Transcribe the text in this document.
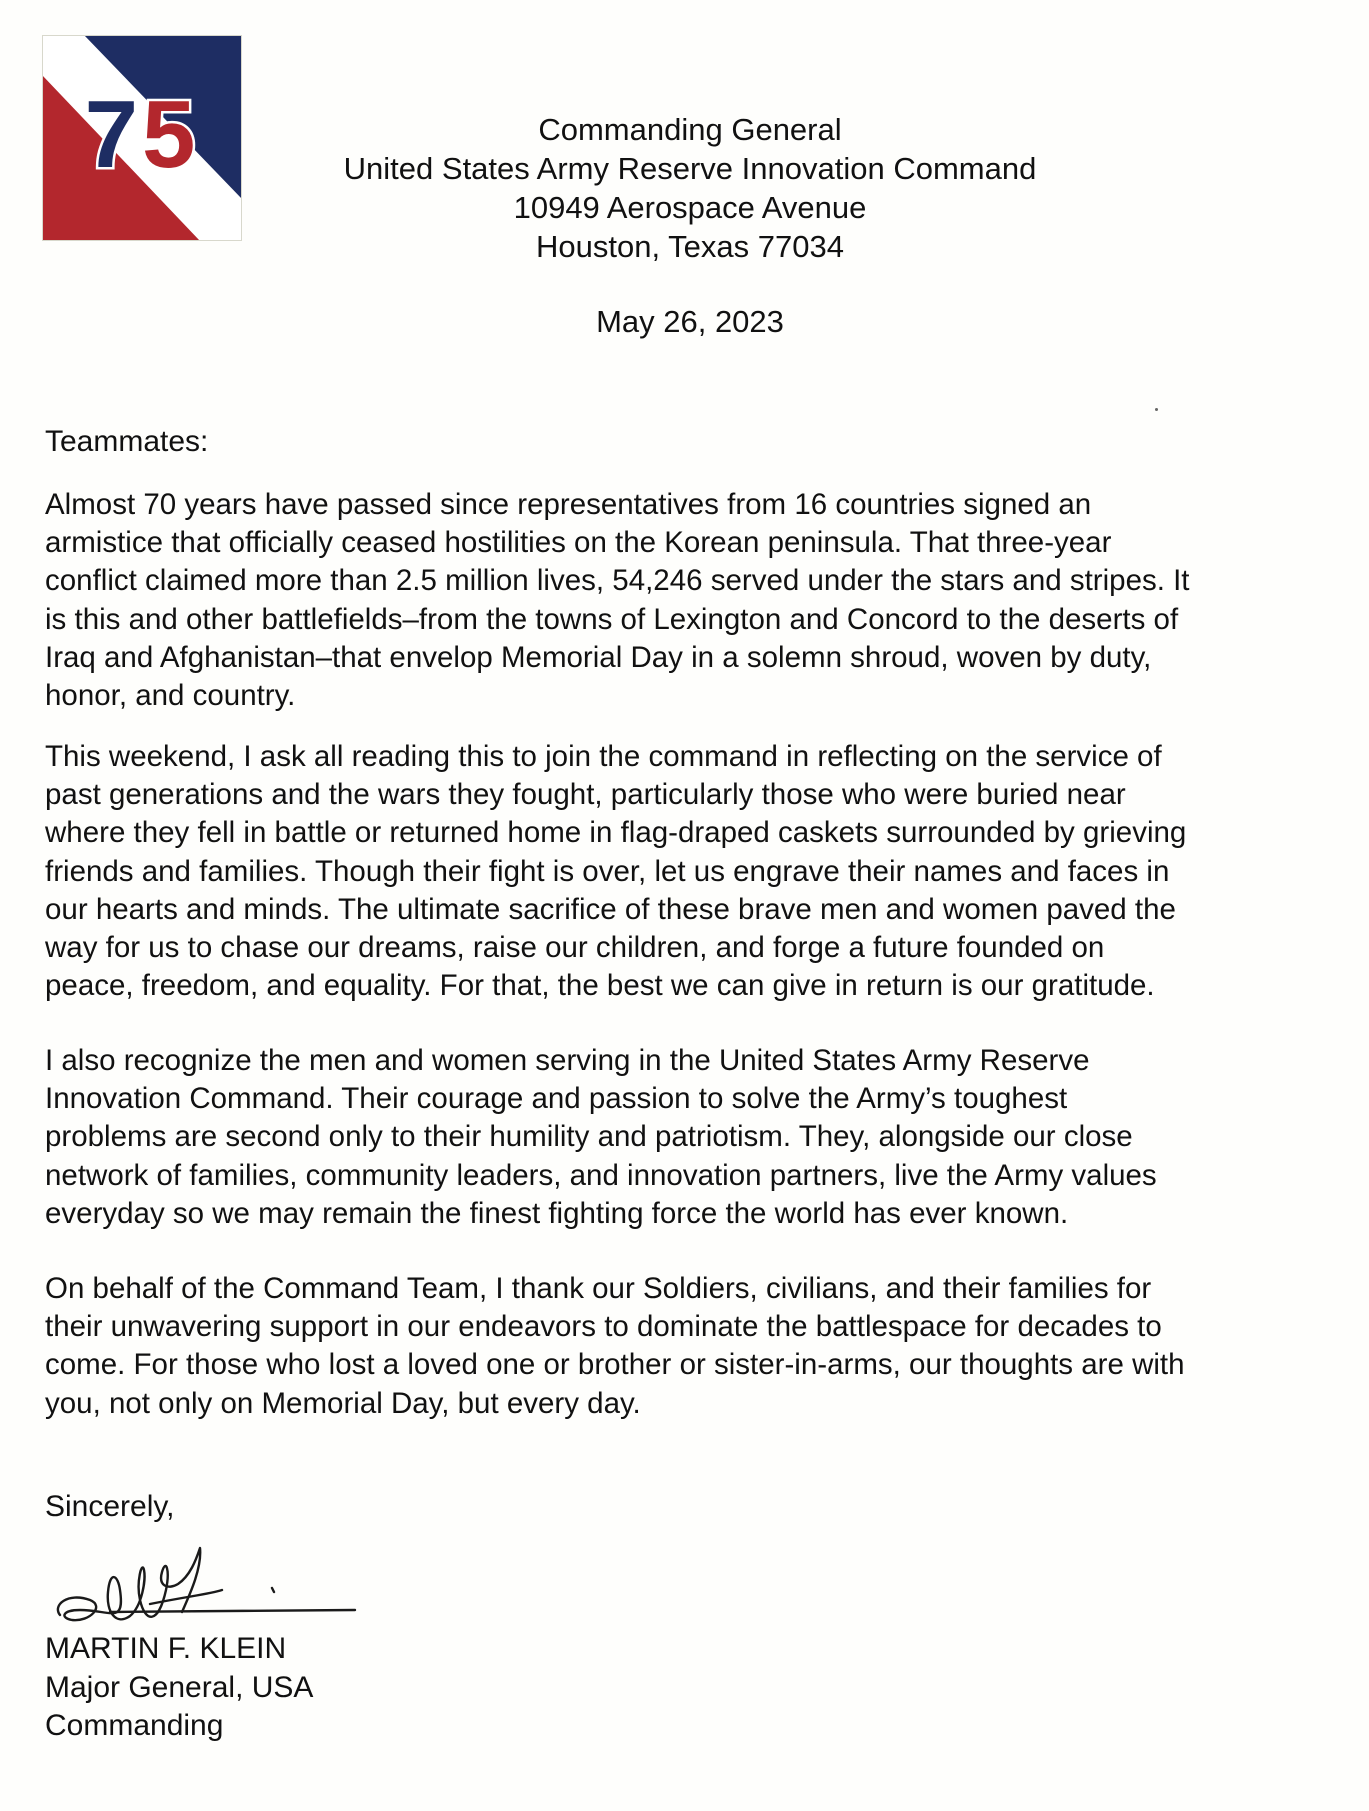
75	Commanding General
United States Army Reserve Innovation Command
10949 Aerospace Avenue
Houston, Texas 77034
May 26, 2023
Teammates:
Almost 70 years have passed since representatives from 16 countries signed an
armistice that officially ceased hostilities on the Korean peninsula. That three-year
conflict claimed more than 2.5 million lives, 54,246 served under the stars and stripes. It
is this and other battlefields–from the towns of Lexington and Concord to the deserts of
Iraq and Afghanistan–that envelop Memorial Day in a solemn shroud, woven by duty,
honor, and country.
This weekend, I ask all reading this to join the command in reflecting on the service of
past generations and the wars they fought, particularly those who were buried near
where they fell in battle or returned home in flag-draped caskets surrounded by grieving
friends and families. Though their fight is over, let us engrave their names and faces in
our hearts and minds. The ultimate sacrifice of these brave men and women paved the
way for us to chase our dreams, raise our children, and forge a future founded on
peace, freedom, and equality. For that, the best we can give in return is our gratitude.
I also recognize the men and women serving in the United States Army Reserve
Innovation Command. Their courage and passion to solve the Army’s toughest
problems are second only to their humility and patriotism. They, alongside our close
network of families, community leaders, and innovation partners, live the Army values
everyday so we may remain the finest fighting force the world has ever known.
On behalf of the Command Team, I thank our Soldiers, civilians, and their families for
their unwavering support in our endeavors to dominate the battlespace for decades to
come. For those who lost a loved one or brother or sister-in-arms, our thoughts are with
you, not only on Memorial Day, but every day.
Sincerely,
MARTIN F. KLEIN
Major General, USA
Commanding
